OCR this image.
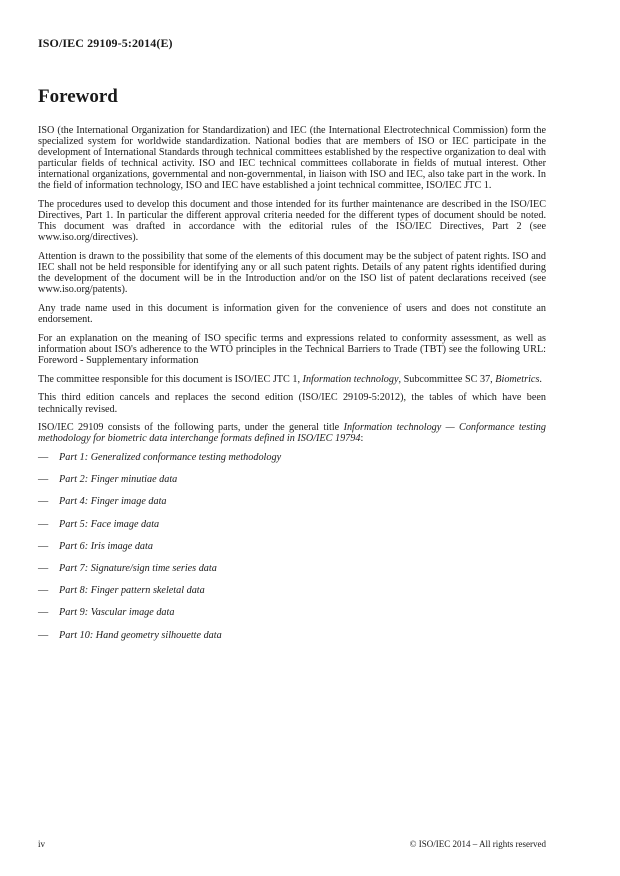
ISO/IEC 29109-5:2014(E)
Foreword

ISO (the International Organization for Standardization) and IEC (the International Electrotechnical Commission) form the specialized system for worldwide standardization. National bodies that are members of ISO or IEC participate in the development of International Standards through technical committees established by the respective organization to deal with particular fields of technical activity. ISO and IEC technical committees collaborate in fields of mutual interest. Other international organizations, governmental and non-governmental, in liaison with ISO and IEC, also take part in the work. In the field of information technology, ISO and IEC have established a joint technical committee, ISO/IEC JTC 1.

The procedures used to develop this document and those intended for its further maintenance are described in the ISO/IEC Directives, Part 1. In particular the different approval criteria needed for the different types of document should be noted. This document was drafted in accordance with the editorial rules of the ISO/IEC Directives, Part 2 (see www.iso.org/directives).

Attention is drawn to the possibility that some of the elements of this document may be the subject of patent rights. ISO and IEC shall not be held responsible for identifying any or all such patent rights. Details of any patent rights identified during the development of the document will be in the Introduction and/or on the ISO list of patent declarations received (see www.iso.org/patents).

Any trade name used in this document is information given for the convenience of users and does not constitute an endorsement.

For an explanation on the meaning of ISO specific terms and expressions related to conformity assessment, as well as information about ISO's adherence to the WTO principles in the Technical Barriers to Trade (TBT) see the following URL: Foreword - Supplementary information

The committee responsible for this document is ISO/IEC JTC 1, Information technology, Subcommittee SC 37, Biometrics.

This third edition cancels and replaces the second edition (ISO/IEC 29109-5:2012), the tables of which have been technically revised.

ISO/IEC 29109 consists of the following parts, under the general title Information technology — Conformance testing methodology for biometric data interchange formats defined in ISO/IEC 19794:

—	Part 1: Generalized conformance testing methodology
—	Part 2: Finger minutiae data
—	Part 4: Finger image data
—	Part 5: Face image data
—	Part 6: Iris image data
—	Part 7: Signature/sign time series data
—	Part 8: Finger pattern skeletal data
—	Part 9: Vascular image data
—	Part 10: Hand geometry silhouette data
iv	© ISO/IEC 2014 – All rights reserved
